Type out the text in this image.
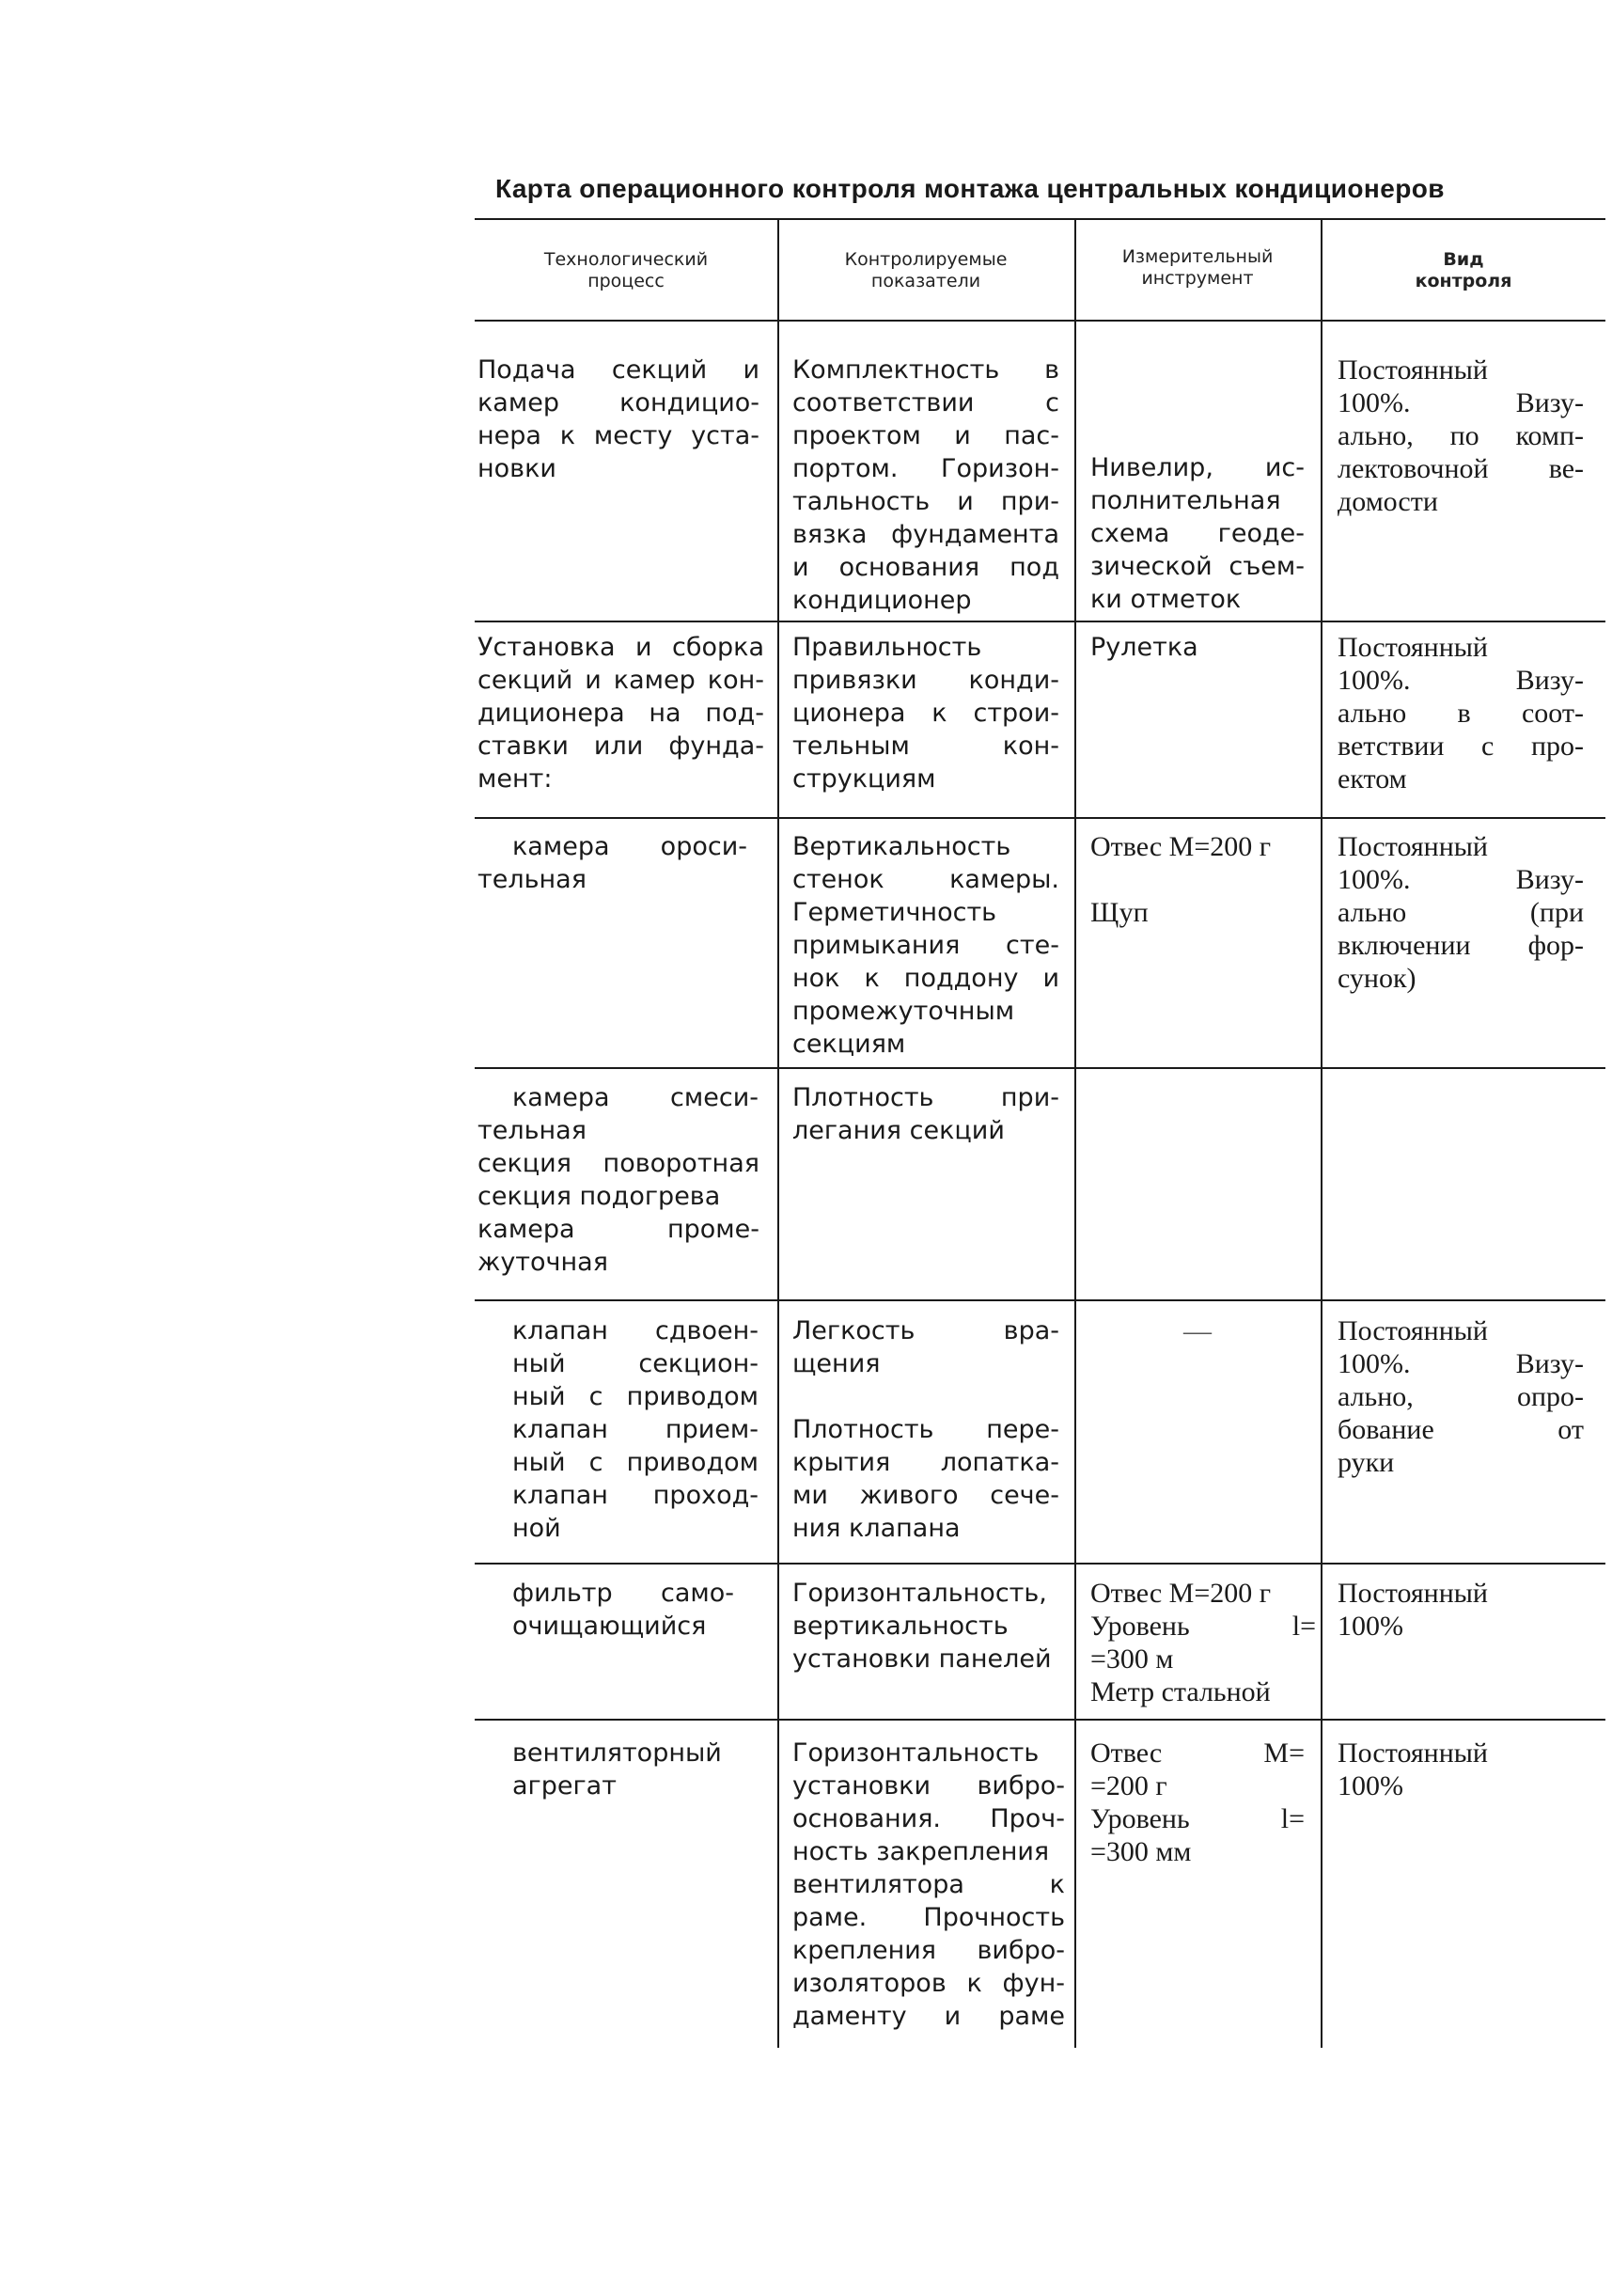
Карта операционного контроля монтажа центральных кондиционеров
Технологический
процесс
Контролируемые
показатели
Измерительный
инструмент
Вид
контроля
Подача секций и
камер кондицио-
нера к месту уста-
новки
Комплектность в
соответствии с
проектом и пас-
портом. Горизон-
тальность и при-
вязка фундамента
и основания под
кондиционер
Нивелир, ис-
полнительная
схема геоде-
зической съем-
ки отметок
Постоянный
100%. Визу-
ально, по комп-
лектовочной ве-
домости
Установка и сборка
секций и камер кон-
диционера на под-
ставки или фунда-
мент:
Правильность
привязки конди-
ционера к строи-
тельным кон-
струкциям
Рулетка	Постоянный
100%. Визу-
ально в соот-
ветствии с про-
ектом
камера ороси-
тельная
Вертикальность
стенок камеры.
Герметичность
примыкания сте-
нок к поддону и
промежуточным
секциям
Отвес М=200 г
Щуп
Постоянный
100%. Визу-
ально (при
включении фор-
сунок)
камера смеси-
тельная
секция поворотная
секция подогрева
камера проме-
жуточная
Плотность при-
легания секций
клапан сдвоен-
ный секцион-
ный с приводом
клапан прием-
ный с приводом
клапан проход-
ной
Легкость вра-
щения
Плотность пере-
крытия лопатка-
ми живого сече-
ния клапана
—	Постоянный
100%. Визу-
ально, опро-
бование от
руки
фильтр само-
очищающийся
Горизонтальность,
вертикальность
установки панелей
Отвес М=200 г
Уровень l=
=300 м
Метр стальной
Постоянный
100%
вентиляторный
агрегат
Горизонтальность
установки вибро-
основания. Проч-
ность закрепления
вентилятора к
раме. Прочность
крепления вибро-
изоляторов к фун-
даменту и раме
Отвес М=
=200 г
Уровень l=
=300 мм
Постоянный
100%
